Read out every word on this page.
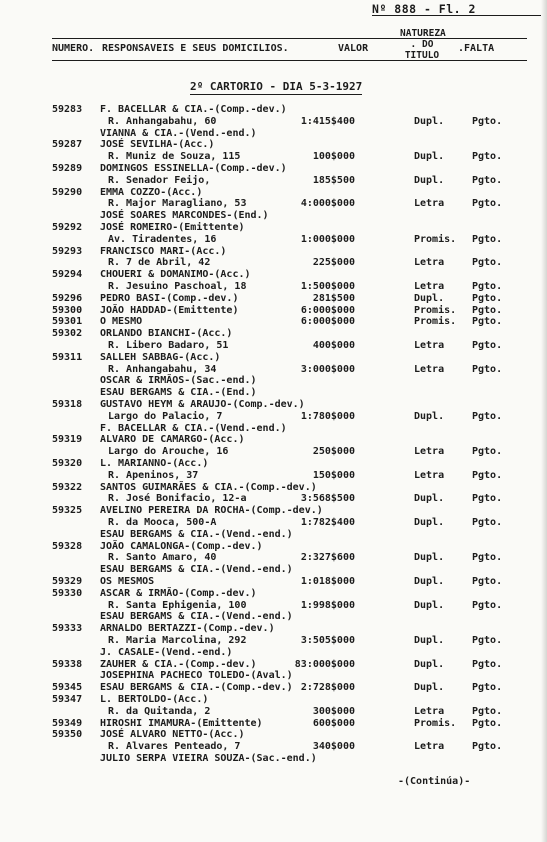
Nº 888 - Fl. 2
NUMERO. RESPONSAVEIS E SEUS DOMICILIOS.	VALOR
NATUREZA
. DO
TITULO
.FALTA
2º CARTORIO - DIA 5-3-1927
59283	F. BACELLAR & CIA.-(Comp.-dev.)
R. Anhangabahu, 60	1:415$400	Dupl.	Pgto.
VIANNA & CIA.-(Vend.-end.)
59287	JOSÉ SEVILHA-(Acc.)
R. Muniz de Souza, 115	100$000	Dupl.	Pgto.
59289	DOMINGOS ESSINELLA-(Comp.-dev.)
R. Senador Feijo,	185$500	Dupl.	Pgto.
59290	EMMA COZZO-(Acc.)
R. Major Maragliano, 53	4:000$000	Letra	Pgto.
JOSÉ SOARES MARCONDES-(End.)
59292	JOSÉ ROMEIRO-(Emittente)
Av. Tiradentes, 16	1:000$000	Promis. Pgto.
59293	FRANCISCO MARI-(Acc.)
R. 7 de Abril, 42	225$000	Letra	Pgto.
59294	CHOUERI & DOMANIMO-(Acc.)
R. Jesuino Paschoal, 18	1:500$000	Letra	Pgto.
59296	PEDRO BASI-(Comp.-dev.)	281$500	Dupl.	Pgto.
59300	JOÃO HADDAD-(Emittente)	6:000$000	Promis. Pgto.
59301	O MESMO	6:000$000	Promis. Pgto.
59302	ORLANDO BIANCHI-(Acc.)
R. Libero Badaro, 51	400$000	Letra	Pgto.
59311	SALLEH SABBAG-(Acc.)
R. Anhangabahu, 34	3:000$000	Letra	Pgto.
OSCAR & IRMÃOS-(Sac.-end.)
ESAU BERGAMS & CIA.-(End.)
59318	GUSTAVO HEYM & ARAUJO-(Comp.-dev.)
Largo do Palacio, 7	1:780$000	Dupl.	Pgto.
F. BACELLAR & CIA.-(Vend.-end.)
59319	ALVARO DE CAMARGO-(Acc.)
Largo do Arouche, 16	250$000	Letra	Pgto.
59320	L. MARIANNO-(Acc.)
R. Apeninos, 37	150$000	Letra	Pgto.
59322	SANTOS GUIMARÃES & CIA.-(Comp.-dev.)
R. José Bonifacio, 12-a	3:568$500	Dupl.	Pgto.
59325	AVELINO PEREIRA DA ROCHA-(Comp.-dev.)
R. da Mooca, 500-A	1:782$400	Dupl.	Pgto.
ESAU BERGAMS & CIA.-(Vend.-end.)
59328	JOÃO CAMALONGA-(Comp.-dev.)
R. Santo Amaro, 40	2:327$600	Dupl.	Pgto.
ESAU BERGAMS & CIA.-(Vend.-end.)
59329	OS MESMOS	1:018$000	Dupl.	Pgto.
59330	ASCAR & IRMÃO-(Comp.-dev.)
R. Santa Ephigenia, 100	1:998$000	Dupl.	Pgto.
ESAU BERGAMS & CIA.-(Vend.-end.)
59333	ARNALDO BERTAZZI-(Comp.-dev.)
R. Maria Marcolina, 292	3:505$000	Dupl.	Pgto.
J. CASALE-(Vend.-end.)
59338	ZAUHER & CIA.-(Comp.-dev.)	83:000$000	Dupl.	Pgto.
JOSEPHINA PACHECO TOLEDO-(Aval.)
59345	ESAU BERGAMS & CIA.-(Comp.-dev.) 2:728$000	Dupl.	Pgto.
59347	L. BERTOLDO-(Acc.)
R. da Quitanda, 2	300$000	Letra	Pgto.
59349	HIROSHI IMAMURA-(Emittente)	600$000	Promis. Pgto.
59350	JOSÉ ALVARO NETTO-(Acc.)
R. Alvares Penteado, 7	340$000	Letra	Pgto.
JULIO SERPA VIEIRA SOUZA-(Sac.-end.)
-(Continúa)-
